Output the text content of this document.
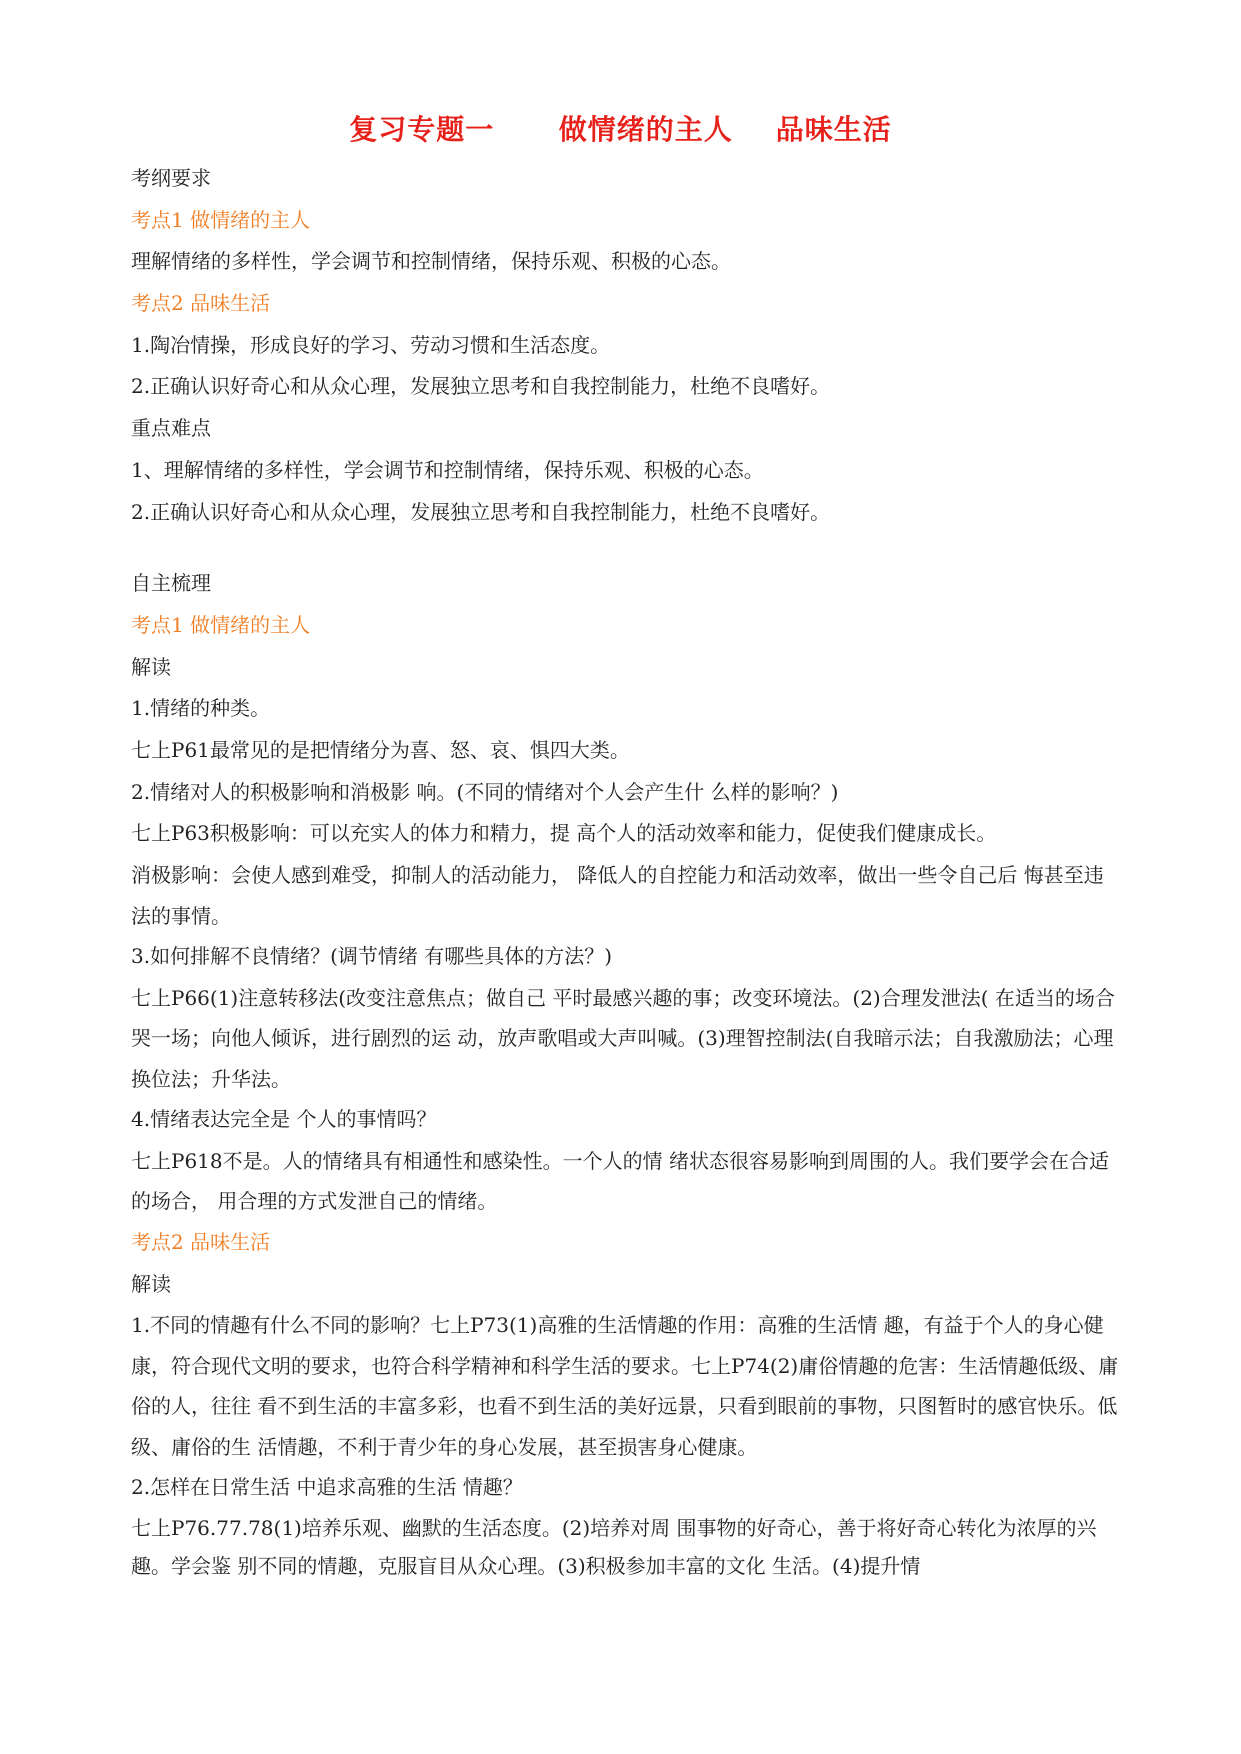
复习专题一      做情绪的主人    品味生活
考纲要求
考点1 做情绪的主人
理解情绪的多样性，学会调节和控制情绪，保持乐观、积极的心态。
考点2 品味生活
1.陶冶情操，形成良好的学习、劳动习惯和生活态度。
2.正确认识好奇心和从众心理，发展独立思考和自我控制能力，杜绝不良嗜好。
重点难点
1、理解情绪的多样性，学会调节和控制情绪，保持乐观、积极的心态。
2.正确认识好奇心和从众心理，发展独立思考和自我控制能力，杜绝不良嗜好。
自主梳理
考点1 做情绪的主人
解读
1.情绪的种类。
七上P61最常见的是把情绪分为喜、怒、哀、惧四大类。
2.情绪对人的积极影响和消极影 响。(不同的情绪对个人会产生什 么样的影响？)
七上P63积极影响：可以充实人的体力和精力，提 高个人的活动效率和能力，促使我们健康成长。

消极影响：会使人感到难受，抑制人的活动能力， 降低人的自控能力和活动效率，做出一些令自己后 悔甚至违法的事情。

3.如何排解不良情绪？(调节情绪 有哪些具体的方法？)

七上P66(1)注意转移法(改变注意焦点；做自己 平时最感兴趣的事；改变环境法。(2)合理发泄法( 在适当的场合哭一场；向他人倾诉，进行剧烈的运 动，放声歌唱或大声叫喊。(3)理智控制法(自我暗示法；自我激励法；心理换位法；升华法。

4.情绪表达完全是 个人的事情吗？

七上P618不是。人的情绪具有相通性和感染性。一个人的情 绪状态很容易影响到周围的人。我们要学会在合适的场合， 用合理的方式发泄自己的情绪。

考点2 品味生活
解读

1.不同的情趣有什么不同的影响？七上P73(1)高雅的生活情趣的作用：高雅的生活情 趣，有益于个人的身心健康，符合现代文明的要求，也符合科学精神和科学生活的要求。七上P74(2)庸俗情趣的危害：生活情趣低级、庸俗的人，往往 看不到生活的丰富多彩，也看不到生活的美好远景，只看到眼前的事物，只图暂时的感官快乐。低级、庸俗的生 活情趣，不利于青少年的身心发展，甚至损害身心健康。

2.怎样在日常生活 中追求高雅的生活 情趣？

七上P76.77.78(1)培养乐观、幽默的生活态度。(2)培养对周 围事物的好奇心，善于将好奇心转化为浓厚的兴趣。学会鉴 别不同的情趣，克服盲目从众心理。(3)积极参加丰富的文化 生活。(4)提升情
